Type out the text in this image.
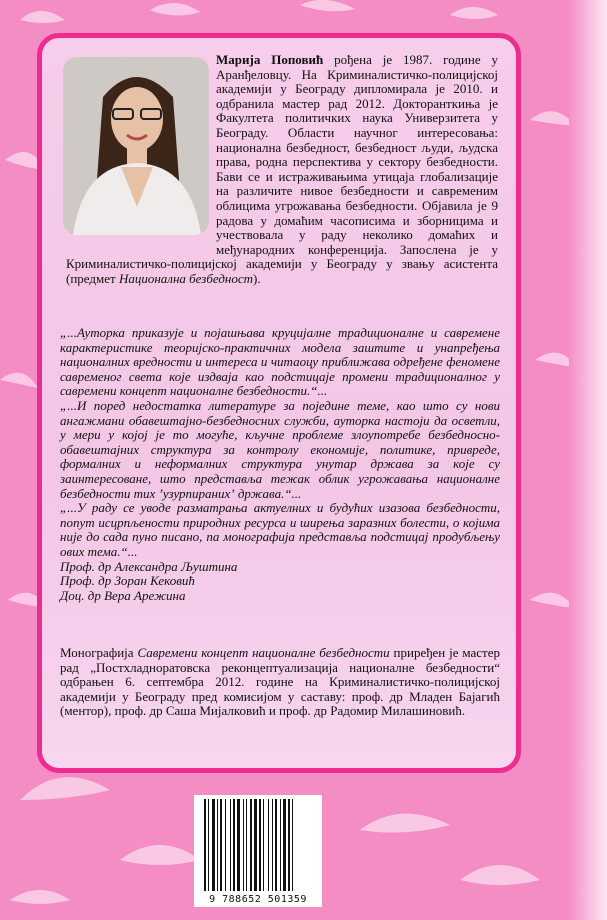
Марија Поповић рођена је 1987. године у Аранђеловцу. На Криминалистичко-полицијској академији у Београду дипломирала је 2010. и одбранила мастер рад 2012. Докторанткиња је Факултета политичких наука Универзитета у Београду. Области научног интересовања: национална безбедност, безбедност људи, људска права, родна перспектива у сектору безбедности. Бави се и истраживањима утицаја глобализације на различите нивое безбедности и савременим облицима угрожавања безбедности. Објавила је 9 радова у домаћим часописима и зборницима и учествовала у раду неколико домаћих и међународних конференција. Запослена је у Криминалистичко-полицијској академији у Београду у звању асистента (предмет Национална безбедност).

„...Ауторка приказује и појашњава круцијалне традиционалне и савремене карактеристике теоријско-практичних модела заштите и унапређења националних вредности и интереса и читаоцу приближава одређене феномене савременог света које издваја као подстицаје промени традиционалног у савремени концепт националне безбедности.“...

„...И поред недостатка литературе за поједине теме, као што су нови ангажмани обавештајно-безбедносних служби, ауторка настоји да осветли, у мери у којој је то могуће, кључне проблеме злоупотребе безбедносно-обавештајних структура за контролу економије, политике, привреде, формалних и неформалних структура унутар држава за које су заинтересоване, што представља тежак облик угрожавања националне безбедности тих ʼузурпиранихʼ држава.“...

„...У раду се уводе разматрања актуелних и будућих изазова безбедности, попут исцрпљености природних ресурса и ширења заразних болести, о којима није до сада пуно писано, па монографија представља подстицај продубљењу ових тема.“...

Проф. др Александра Љуштина

Проф. др Зоран Кековић

Доц. др Вера Арежина

Монографија Савремени концепт националне безбедности приређен је мастер рад „Постхладноратовска реконцептуализација националне безбедности“ одбрањен 6. септембра 2012. године на Криминалистичко-полицијској академији у Београду пред комисијом у саставу: проф. др Младен Бајагић (ментор), проф. др Саша Мијалковић и проф. др Радомир Милашиновић.
9 788652 501359
